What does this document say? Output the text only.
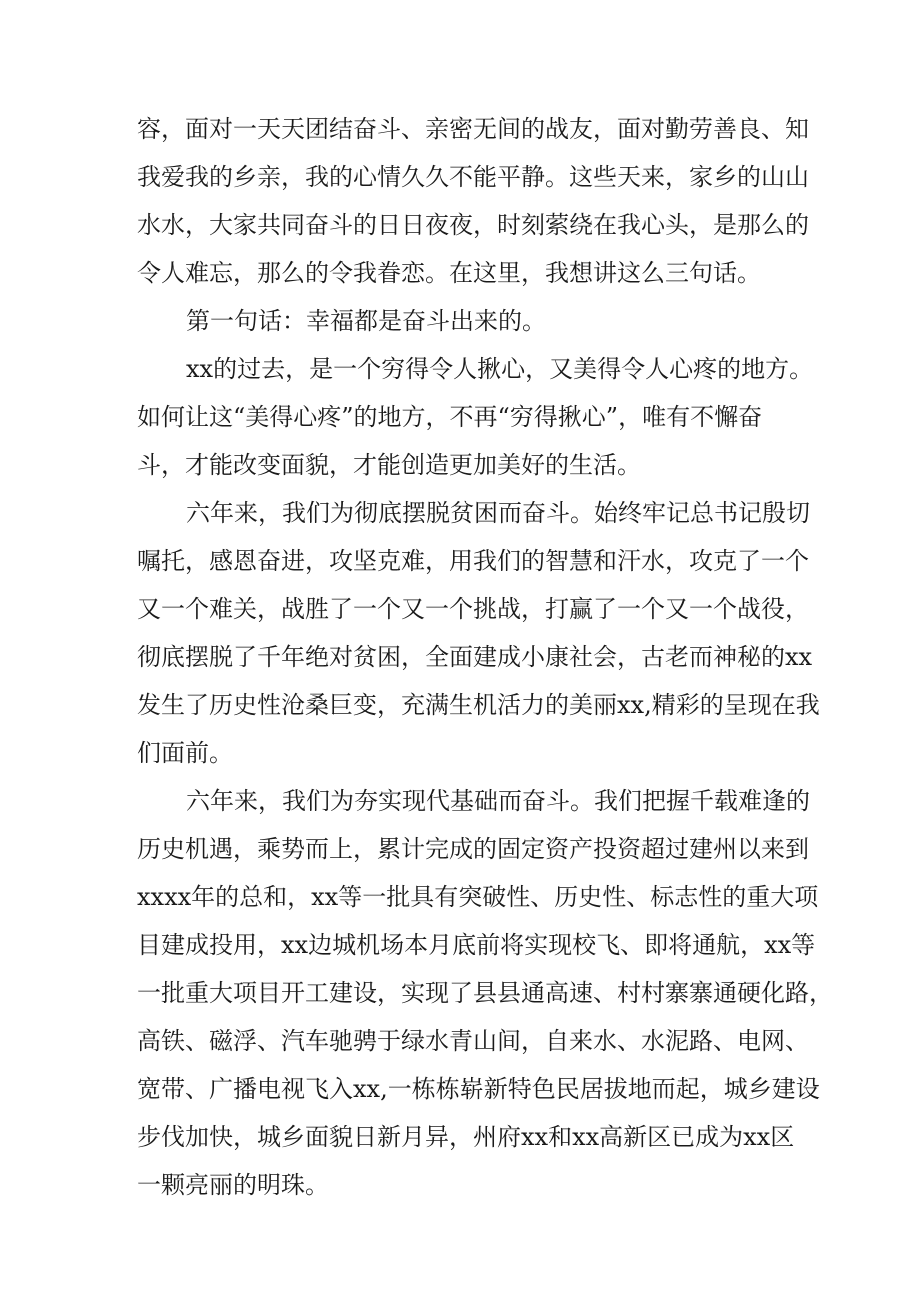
容，面对一天天团结奋斗、亲密无间的战友，面对勤劳善良、知
我爱我的乡亲，我的心情久久不能平静。这些天来，家乡的山山
水水，大家共同奋斗的日日夜夜，时刻萦绕在我心头，是那么的
令人难忘，那么的令我眷恋。在这里，我想讲这么三句话。
第一句话：幸福都是奋斗出来的。
xx的过去，是一个穷得令人揪心，又美得令人心疼的地方。
如何让这“美得心疼”的地方，不再“穷得揪心”，唯有不懈奋
斗，才能改变面貌，才能创造更加美好的生活。
六年来，我们为彻底摆脱贫困而奋斗。始终牢记总书记殷切
嘱托，感恩奋进，攻坚克难，用我们的智慧和汗水，攻克了一个
又一个难关，战胜了一个又一个挑战，打赢了一个又一个战役，
彻底摆脱了千年绝对贫困，全面建成小康社会，古老而神秘的xx
发生了历史性沧桑巨变，充满生机活力的美丽xx,精彩的呈现在我
们面前。
六年来，我们为夯实现代基础而奋斗。我们把握千载难逢的
历史机遇，乘势而上，累计完成的固定资产投资超过建州以来到
xxxx年的总和，xx等一批具有突破性、历史性、标志性的重大项
目建成投用，xx边城机场本月底前将实现校飞、即将通航，xx等
一批重大项目开工建设，实现了县县通高速、村村寨寨通硬化路，
高铁、磁浮、汽车驰骋于绿水青山间，自来水、水泥路、电网、
宽带、广播电视飞入xx,一栋栋崭新特色民居拔地而起，城乡建设
步伐加快，城乡面貌日新月异，州府xx和xx高新区已成为xx区
一颗亮丽的明珠。
